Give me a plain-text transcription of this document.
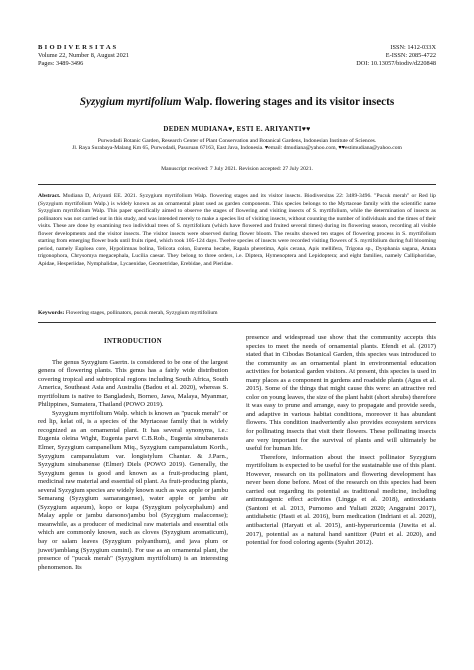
B I O D I V E R S I T A S
Volume 22, Number 8, August 2021
Pages: 3489-3496
ISSN: 1412-033X
E-ISSN: 2085-4722
DOI: 10.13057/biodiv/d220848
Syzygium myrtifolium Walp. flowering stages and its visitor insects
DEDEN MUDIANA♥, ESTI E. ARIYANTI♥♥
Purwodadi Botanic Garden, Research Center of Plant Conservation and Botanical Gardens, Indonesian Institute of Sciences.
Jl. Raya Surabaya-Malang Km 65, Purwodadi, Pasuruan 67163, East Java, Indonesia. ♥email: dmudiana@yahoo.com, ♥♥estimudiana@yahoo.com
Manuscript received: 7 July 2021. Revision accepted: 27 July 2021.
Abstract. Mudiana D, Ariyanti EE. 2021. Syzygium myrtifolium Walp. flowering stages and its visitor insects. Biodiversitas 22: 3489-3496. "Pucuk merah" or Red lip (Syzygium myrtifolium Walp.) is widely known as an ornamental plant used as garden components. This species belongs to the Myrtaceae family with the scientific name Syzygium myrtifolium Walp. This paper specifically aimed to observe the stages of flowering and visiting insects of S. myrtifolium, while the determination of insects as pollinators was not carried out in this study, and was intended merely to make a species list of visiting insects, without counting the number of individuals and the times of their visits. These are done by examining two individual trees of S. myrtifolium (which have flowered and fruited several times) during its flowering season, recording all visible flower developments and the visitor insects. The visitor insects were observed during flower bloom. The results showed ten stages of flowering process in S. myrtifolium starting from emerging flower buds until fruits riped, which took 105-124 days. Twelve species of insects were recorded visiting flowers of S. myrtifolium during full blooming period, namely Euploea core, Hypolimnas bolina, Telicota colon, Eurema hecabe, Rapala pheretima, Apis cerana, Apis mellifera, Trigona sp., Dysphania sagana, Amata trigonophora, Chrysomya megacephala, Lucilia caesar. They belong to three orders, i.e. Diptera, Hymenoptera and Lepidoptera; and eight families, namely Calliphoridae, Apidae, Hesperiidae, Nymphalidae, Lycaenidae, Geometridae, Erebidae, and Pieridae.
Keywords: Flowering stages, pollinators, pucuk merah, Syzygium myrtifolium
INTRODUCTION

The genus Syzygium Gaertn. is considered to be one of the largest genera of flowering plants. This genus has a fairly wide distribution covering tropical and subtropical regions including South Africa, South America, Southeast Asia and Australia (Badou et al. 2020), whereas S. myrtifolium is native to Bangladesh, Borneo, Jawa, Malaya, Myanmar, Philippines, Sumatera, Thailand (POWO 2019).

Syzygium myrtifolium Walp. which is known as "pucuk merah" or red lip, kelat oil, is a species of the Myrtaceae family that is widely recognized as an ornamental plant. It has several synonyms, i.e.: Eugenia oleina Wight, Eugenia parvi C.B.Rob., Eugenia sinubanensis Elmer, Syzygium campanellum Miq., Syzygium campanulatum Korth., Syzygium campanulatum var. longistylum Chantar. & J.Parn., Syzygium sinubanense (Elmer) Diels (POWO 2019). Generally, the Syzygium genus is good and known as a fruit-producing plant, medicinal raw material and essential oil plant. As fruit-producing plants, several Syzygium species are widely known such as wax apple or jambu Semarang (Syzygium samarangense), water apple or jambu air (Syzygium aqueum), kopo or kupa (Syzygium polycephalum) and Malay apple or jambu darsono/jambu bol (Syzygium malaccense); meanwhile, as a producer of medicinal raw materials and essential oils which are commonly known, such as cloves (Syzygium aromaticum), bay or salam leaves (Syzygium polyanthum), and java plum or juwet/jamblang (Syzygium cumini). For use as an ornamental plant, the presence of "pucuk merah" (Syzygium myrtifolium) is an interesting phenomenon. Its

presence and widespread use show that the community accepts this species to meet the needs of ornamental plants. Efendi et al. (2017) stated that in Cibodas Botanical Garden, this species was introduced to the community as an ornamental plant in environmental education activities for botanical garden visitors. At present, this species is used in many places as a component in gardens and roadside plants (Agus et al. 2015). Some of the things that might cause this were: an attractive red color on young leaves, the size of the plant habit (short shrubs) therefore it was easy to prune and arrange, easy to propagate and provide seeds, and adaptive in various habitat conditions, moreover it has abundant flowers. This condition inadvertently also provides ecosystem services for pollinating insects that visit their flowers. These pollinating insects are very important for the survival of plants and will ultimately be useful for human life.

Therefore, information about the insect pollinator Syzygium myrtifolium is expected to be useful for the sustainable use of this plant. However, research on its pollinators and flowering development has never been done before. Most of the research on this species had been carried out regarding its potential as traditional medicine, including antimutagenic effect activities (Lingga et al. 2018), antioxidants (Santoni et al. 2013, Purnomo and Yuliati 2020; Anggraini 2017), antidiabetic (Hasti et al. 2016), burn medication (Indriani et al. 2020), antibacterial (Haryati et al. 2015), anti-hyperuricemia (Juwita et al. 2017), potential as a natural hand sanitizer (Putri et al. 2020), and potential for food coloring agents (Syahri 2012).
